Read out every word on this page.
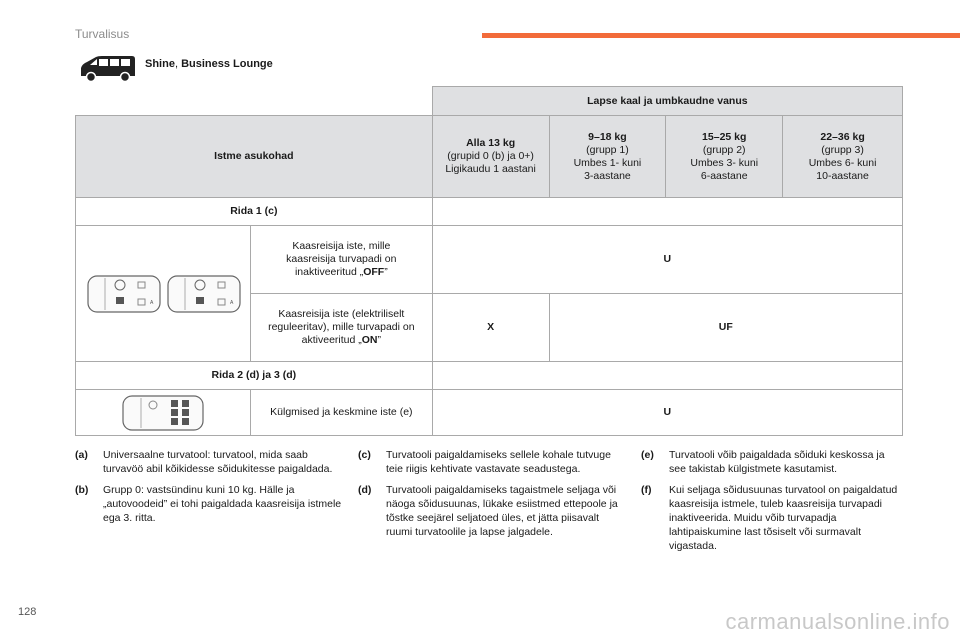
Turvalisus
Shine, Business Lounge
		Lapse kaal ja umbkaudne vanus			
Istme asukohad		Alla 13 kg
(grupid 0 (b) ja 0+)
Ligikaudu 1 aastani	9–18 kg
(grupp 1)
Umbes 1- kuni
3-aastane	15–25 kg
(grupp 2)
Umbes 3- kuni
6-aastane	22–36 kg
(grupp 3)
Umbes 6- kuni
10-aastane
Rida 1 (c)					

A A	Kaasreisija iste, mille
kaasreisija turvapadi on
inaktiveeritud „OFF”	U			
	Kaasreisija iste (elektriliselt
reguleeritav), mille turvapadi on
aktiveeritud „ON”	X	UF		
Rida 2 (d) ja 3 (d)					
	Külgmised ja keskmine iste (e)	U			
(a)	Universaalne turvatool: turvatool, mida saab turvavöö abil kõikidesse sõidukitesse paigaldada.
(b)	Grupp 0: vastsündinu kuni 10 kg. Hälle ja „autovoodeid” ei tohi paigaldada kaasreisija istmele ega 3. ritta.
(c)	Turvatooli paigaldamiseks sellele kohale tutvuge teie riigis kehtivate vastavate seadustega.
(d)	Turvatooli paigaldamiseks tagaistmele seljaga või näoga sõidusuunas, lükake esiistmed ettepoole ja tõstke seejärel seljatoed üles, et jätta piisavalt ruumi turvatoolile ja lapse jalgadele.
(e)	Turvatooli võib paigaldada sõiduki keskossa ja see takistab külgistmete kasutamist.
(f)	Kui seljaga sõidusuunas turvatool on paigaldatud kaasreisija istmele, tuleb kaasreisija turvapadi inaktiveerida. Muidu võib turvapadja lahtipaiskumine last tõsiselt või surmavalt vigastada.
128	carmanualsonline.info
